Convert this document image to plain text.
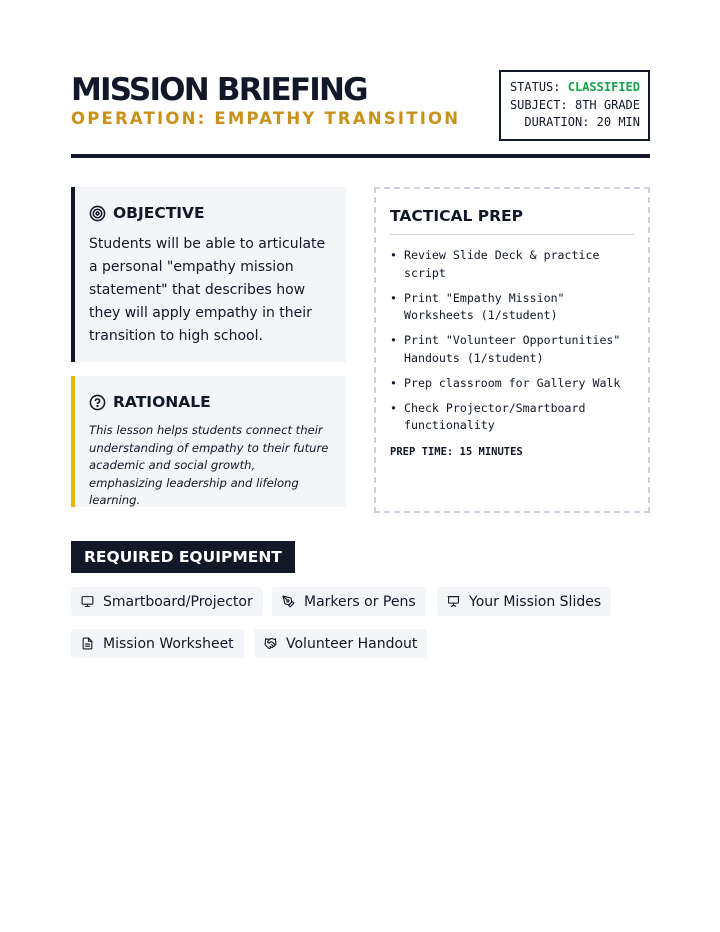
MISSION BRIEFING
OPERATION: EMPATHY TRANSITION
STATUS: CLASSIFIED
SUBJECT: 8TH GRADE
DURATION: 20 MIN
OBJECTIVE
Students will be able to articulate a personal "empathy mission statement" that describes how they will apply empathy in their transition to high school.
RATIONALE
This lesson helps students connect their understanding of empathy to their future academic and social growth, emphasizing leadership and lifelong learning.
TACTICAL PREP
• Review Slide Deck & practice script
• Print "Empathy Mission" Worksheets (1/student)
• Print "Volunteer Opportunities" Handouts (1/student)
• Prep classroom for Gallery Walk
• Check Projector/Smartboard functionality
PREP TIME: 15 MINUTES
REQUIRED EQUIPMENT
Smartboard/Projector	Markers or Pens	Your Mission Slides
Mission Worksheet	Volunteer Handout
